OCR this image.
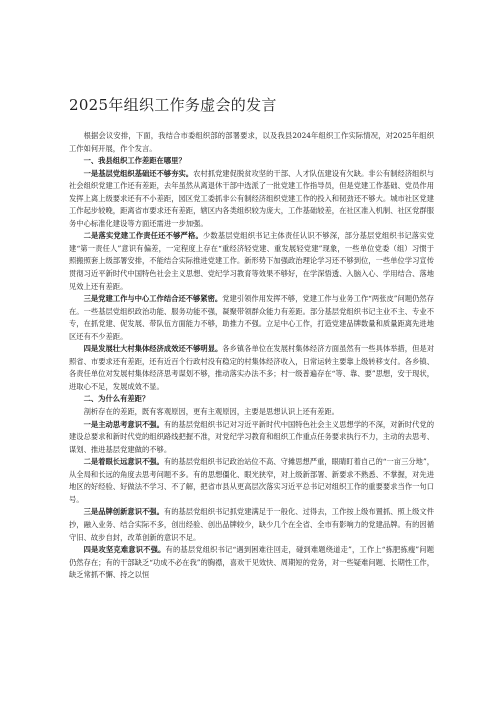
2025年组织工作务虚会的发言

根据会议安排，下面，我结合市委组织部的部署要求，以及我县2024年组织工作实际情况，对2025年组织工作如何开展，作个发言。

一、我县组织工作差距在哪里？

一是基层党组织基础还不够夯实。农村抓党建促脱贫攻坚的干部、人才队伍建设有欠缺。非公有制经济组织与社会组织党建工作还有差距，去年虽然从离退休干部中选派了一批党建工作指导员，但是党建工作基础、党员作用发挥上离上级要求还有不小差距，园区党工委抓非公有制经济组织党建工作的投入和韧劲还不够大。城市社区党建工作起步较晚，距离省市要求还有差距，辖区内各类组织较为庞大，工作基础较差，在社区准入机制、社区党群服务中心标准化建设等方面还需进一步加强。

二是落实党建工作责任还不够严格。少数基层党组织书记主体责任认识不够深，部分基层党组织书记落实党建“第一责任人”意识有偏差，一定程度上存在“重经济轻党建、重发展轻党建”现象，一些单位党委（组）习惯于照搬照套上级部署安排，不能结合实际推进党建工作。新形势下加强政治理论学习还不够到位，一些单位学习宣传贯彻习近平新时代中国特色社会主义思想、党纪学习教育等效果不够好，在学深悟透、入脑入心、学用结合、落地见效上还有差距。

三是党建工作与中心工作结合还不够紧密。党建引领作用发挥不够，党建工作与业务工作“两张皮”问题仍然存在。一些基层党组织政治功能、服务功能不强，凝聚带领群众能力有差距。部分基层党组织书记主业不主、专业不专，在抓党建、促发展、带队伍方面能力不够，助推力不强。立足中心工作，打造党建品牌数量和质量距离先进地区还有不少差距。

四是发展壮大村集体经济成效还不够明显。各乡镇各单位在发展村集体经济方面虽然有一些具体举措，但是对照省、市要求还有差距，还有近百个行政村没有稳定的村集体经济收入，日常运转主要靠上级转移支付。各乡镇、各责任单位对发展村集体经济思考谋划不够，推动落实办法不多；村一级普遍存在“等、靠、要”思想，安于现状，进取心不足，发展成效不显。

二、为什么有差距？

剖析存在的差距，既有客观原因，更有主观原因，主要是思想认识上还有差距。

一是主动思考意识不强。有的基层党组织书记对习近平新时代中国特色社会主义思想学的不深，对新时代党的建设总要求和新时代党的组织路线把握不准，对党纪学习教育和组织工作重点任务要求执行不力，主动的去思考、谋划、推进基层党建做的不够。

二是着眼长远意识不强。有的基层党组织书记政治站位不高、守摊思想严重，眼睛盯着自己的“一亩三分地”，从全局和长远的角度去思考问题不多。有的思想僵化、眼光狭窄，对上级新部署、新要求不熟悉、不掌握，对先进地区的好经验、好做法不学习、不了解，把省市县从更高层次落实习近平总书记对组织工作的重要要求当作一句口号。

三是品牌创新意识不强。有的基层党组织书记抓党建满足于一般化、过得去，工作按上级布置抓、照上级文件抄，融入业务、结合实际不多，创出经验、创出品牌较少，缺少几个在全省、全市有影响力的党建品牌。有的因循守旧、故步自封，改革创新的意识不足。

四是攻坚克难意识不强。有的基层党组织书记“遇到困难往回走，碰到难题绕道走”，工作上“拣肥拣瘦”问题仍然存在；有的干部缺乏“功成不必在我”的胸襟，喜欢干见效快、周期短的党务，对一些疑难问题、长期性工作，缺乏常抓不懈、持之以恒
